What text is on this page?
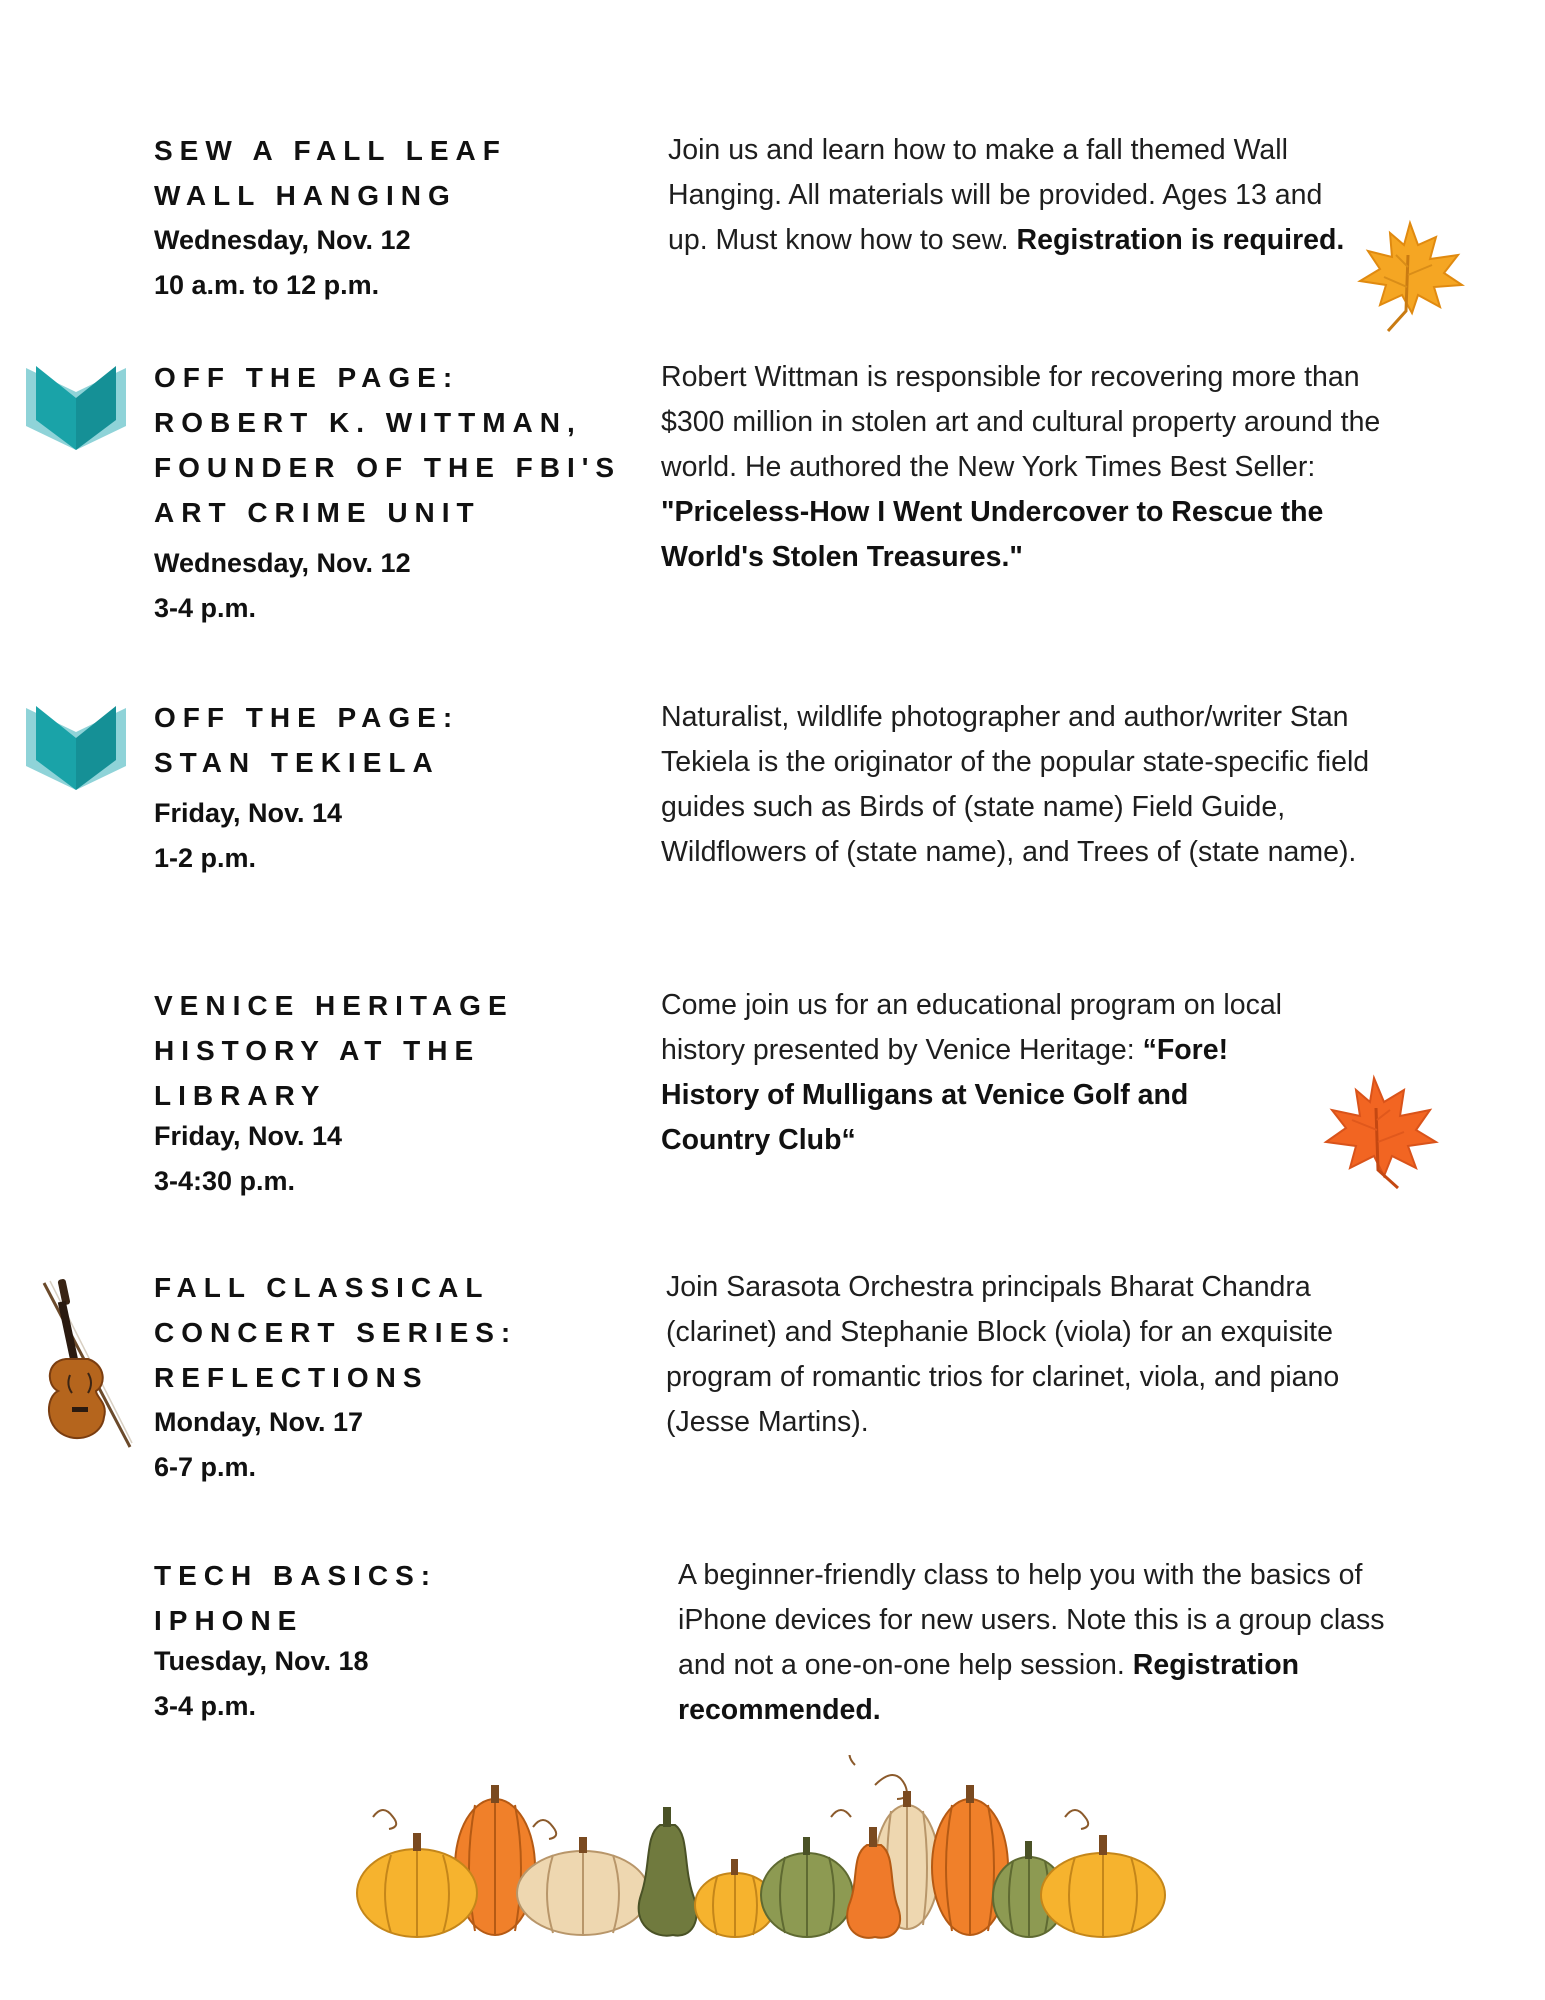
SEW A FALL LEAF
WALL HANGING
Wednesday, Nov. 12
10 a.m. to 12 p.m.
Join us and learn how to make a fall themed Wall Hanging. All materials will be provided. Ages 13 and up. Must know how to sew. Registration is required.
OFF THE PAGE:
ROBERT K. WITTMAN,
FOUNDER OF THE FBI'S
ART CRIME UNIT
Wednesday, Nov. 12
3-4 p.m.
Robert Wittman is responsible for recovering more than $300 million in stolen art and cultural property around the world. He authored the New York Times Best Seller: "Priceless-How I Went Undercover to Rescue the World's Stolen Treasures."
OFF THE PAGE:
STAN TEKIELA
Friday, Nov. 14
1-2 p.m.
Naturalist, wildlife photographer and author/writer Stan Tekiela is the originator of the popular state-specific field guides such as Birds of (state name) Field Guide, Wildflowers of (state name), and Trees of (state name).
VENICE HERITAGE
HISTORY AT THE
LIBRARY
Friday, Nov. 14
3-4:30 p.m.
Come join us for an educational program on local history presented by Venice Heritage: “Fore! History of Mulligans at Venice Golf and Country Club“
FALL CLASSICAL
CONCERT SERIES:
REFLECTIONS
Monday, Nov. 17
6-7 p.m.
Join Sarasota Orchestra principals Bharat Chandra (clarinet) and Stephanie Block (viola) for an exquisite program of romantic trios for clarinet, viola, and piano (Jesse Martins).
TECH BASICS:
IPHONE
Tuesday, Nov. 18
3-4 p.m.
A beginner-friendly class to help you with the basics of iPhone devices for new users. Note this is a group class and not a one-on-one help session. Registration recommended.
